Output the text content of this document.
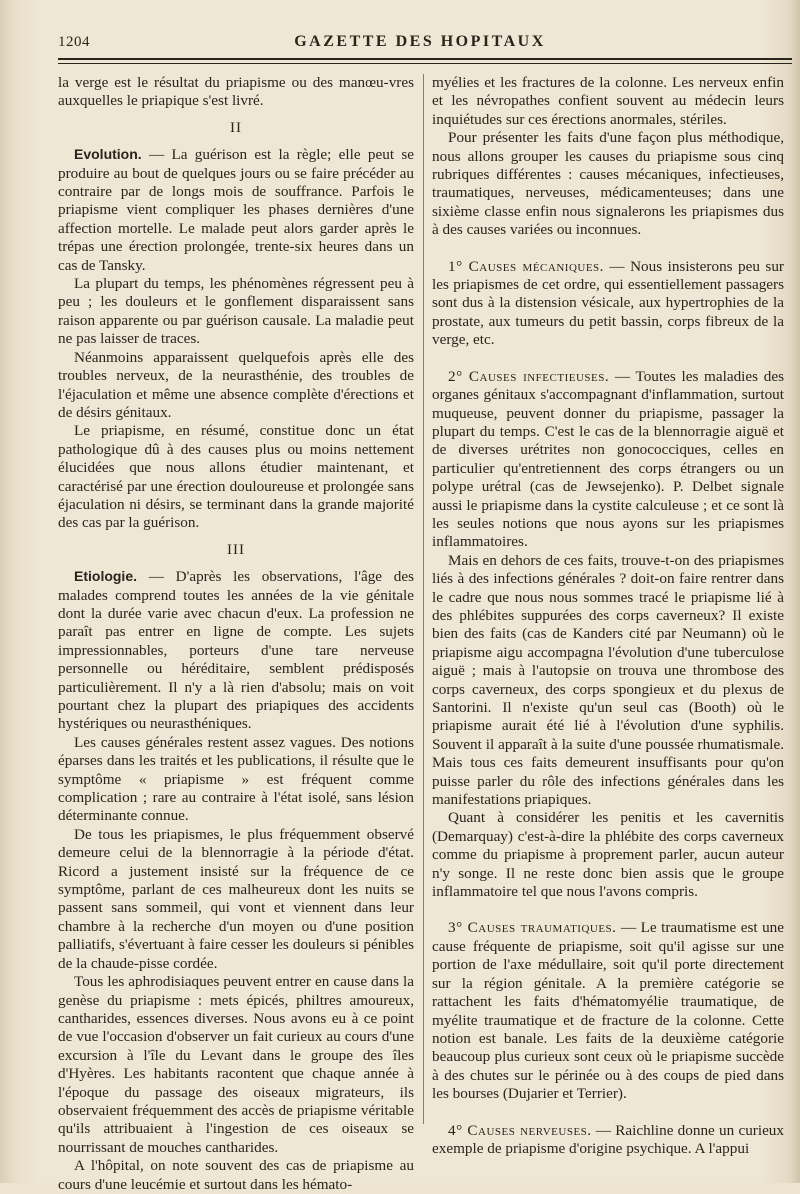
1204	GAZETTE DES HOPITAUX

la verge est le résultat du priapisme ou des manœu-vres auxquelles le priapique s'est livré.

II

Evolution. — La guérison est la règle; elle peut se produire au bout de quelques jours ou se faire précéder au contraire par de longs mois de souffrance. Parfois le priapisme vient compliquer les phases dernières d'une affection mortelle. Le malade peut alors garder après le trépas une érection prolongée, trente-six heures dans un cas de Tansky.

La plupart du temps, les phénomènes régressent peu à peu ; les douleurs et le gonflement disparaissent sans raison apparente ou par guérison causale. La maladie peut ne pas laisser de traces.

Néanmoins apparaissent quelquefois après elle des troubles nerveux, de la neurasthénie, des troubles de l'éjaculation et même une absence complète d'érections et de désirs génitaux.

Le priapisme, en résumé, constitue donc un état pathologique dû à des causes plus ou moins nettement élucidées que nous allons étudier maintenant, et caractérisé par une érection douloureuse et prolongée sans éjaculation ni désirs, se terminant dans la grande majorité des cas par la guérison.

III

Etiologie. — D'après les observations, l'âge des malades comprend toutes les années de la vie génitale dont la durée varie avec chacun d'eux. La profession ne paraît pas entrer en ligne de compte. Les sujets impressionnables, porteurs d'une tare nerveuse personnelle ou héréditaire, semblent prédisposés particulièrement. Il n'y a là rien d'absolu; mais on voit pourtant chez la plupart des priapiques des accidents hystériques ou neurasthéniques.

Les causes générales restent assez vagues. Des notions éparses dans les traités et les publications, il résulte que le symptôme « priapisme » est fréquent comme complication ; rare au contraire à l'état isolé, sans lésion déterminante connue.

De tous les priapismes, le plus fréquemment observé demeure celui de la blennorragie à la période d'état. Ricord a justement insisté sur la fréquence de ce symptôme, parlant de ces malheureux dont les nuits se passent sans sommeil, qui vont et viennent dans leur chambre à la recherche d'un moyen ou d'une position palliatifs, s'évertuant à faire cesser les douleurs si pénibles de la chaude-pisse cordée.

Tous les aphrodisiaques peuvent entrer en cause dans la genèse du priapisme : mets épicés, philtres amoureux, cantharides, essences diverses. Nous avons eu à ce point de vue l'occasion d'observer un fait curieux au cours d'une excursion à l'île du Levant dans le groupe des îles d'Hyères. Les habitants racontent que chaque année à l'époque du passage des oiseaux migrateurs, ils observaient fréquemment des accès de priapisme véritable qu'ils attribuaient à l'ingestion de ces oiseaux se nourrissant de mouches cantharides.

A l'hôpital, on note souvent des cas de priapisme au cours d'une leucémie et surtout dans les hémato-

myélies et les fractures de la colonne. Les nerveux enfin et les névropathes confient souvent au médecin leurs inquiétudes sur ces érections anormales, stériles.

Pour présenter les faits d'une façon plus méthodique, nous allons grouper les causes du priapisme sous cinq rubriques différentes : causes mécaniques, infectieuses, traumatiques, nerveuses, médicamenteuses; dans une sixième classe enfin nous signalerons les priapismes dus à des causes variées ou inconnues.

1° Causes mécaniques. — Nous insisterons peu sur les priapismes de cet ordre, qui essentiellement passagers sont dus à la distension vésicale, aux hypertrophies de la prostate, aux tumeurs du petit bassin, corps fibreux de la verge, etc.

2° Causes infectieuses. — Toutes les maladies des organes génitaux s'accompagnant d'inflammation, surtout muqueuse, peuvent donner du priapisme, passager la plupart du temps. C'est le cas de la blennorragie aiguë et de diverses urétrites non gonococciques, celles en particulier qu'entretiennent des corps étrangers ou un polype urétral (cas de Jewsejenko). P. Delbet signale aussi le priapisme dans la cystite calculeuse ; et ce sont là les seules notions que nous ayons sur les priapismes inflammatoires.

Mais en dehors de ces faits, trouve-t-on des priapismes liés à des infections générales ? doit-on faire rentrer dans le cadre que nous nous sommes tracé le priapisme lié à des phlébites suppurées des corps caverneux? Il existe bien des faits (cas de Kanders cité par Neumann) où le priapisme aigu accompagna l'évolution d'une tuberculose aiguë ; mais à l'autopsie on trouva une thrombose des corps caverneux, des corps spongieux et du plexus de Santorini. Il n'existe qu'un seul cas (Booth) où le priapisme aurait été lié à l'évolution d'une syphilis. Souvent il apparaît à la suite d'une poussée rhumatismale. Mais tous ces faits demeurent insuffisants pour qu'on puisse parler du rôle des infections générales dans les manifestations priapiques.

Quant à considérer les penitis et les cavernitis (Demarquay) c'est-à-dire la phlébite des corps caverneux comme du priapisme à proprement parler, aucun auteur n'y songe. Il ne reste donc bien assis que le groupe inflammatoire tel que nous l'avons compris.

3° Causes traumatiques. — Le traumatisme est une cause fréquente de priapisme, soit qu'il agisse sur une portion de l'axe médullaire, soit qu'il porte directement sur la région génitale. A la première catégorie se rattachent les faits d'hématomyélie traumatique, de myélite traumatique et de fracture de la colonne. Cette notion est banale. Les faits de la deuxième catégorie beaucoup plus curieux sont ceux où le priapisme succède à des chutes sur le périnée ou à des coups de pied dans les bourses (Dujarier et Terrier).

4° Causes nerveuses. — Raichline donne un curieux exemple de priapisme d'origine psychique. A l'appui
